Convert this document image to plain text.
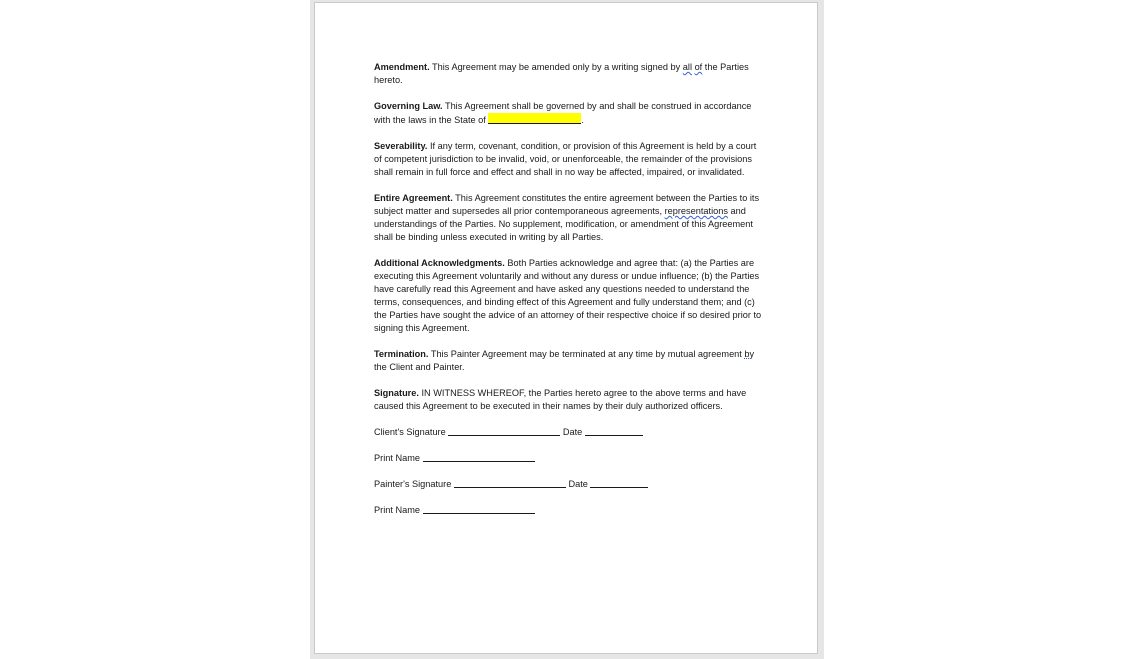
Amendment. This Agreement may be amended only by a writing signed by all of the Parties hereto.

Governing Law. This Agreement shall be governed by and shall be construed in accordance with the laws in the State of	.

Severability. If any term, covenant, condition, or provision of this Agreement is held by a court of competent jurisdiction to be invalid, void, or unenforceable, the remainder of the provisions shall remain in full force and effect and shall in no way be affected, impaired, or invalidated.

Entire Agreement. This Agreement constitutes the entire agreement between the Parties to its subject matter and supersedes all prior contemporaneous agreements, representations and understandings of the Parties. No supplement, modification, or amendment of this Agreement shall be binding unless executed in writing by all Parties.

Additional Acknowledgments. Both Parties acknowledge and agree that: (a) the Parties are executing this Agreement voluntarily and without any duress or undue influence; (b) the Parties have carefully read this Agreement and have asked any questions needed to understand the terms, consequences, and binding effect of this Agreement and fully understand them; and (c) the Parties have sought the advice of an attorney of their respective choice if so desired prior to signing this Agreement.

Termination. This Painter Agreement may be terminated at any time by mutual agreement by the Client and Painter.

Signature. IN WITNESS WHEREOF, the Parties hereto agree to the above terms and have caused this Agreement to be executed in their names by their duly authorized officers.

Client's Signature	Date

Print Name

Painter's Signature	Date

Print Name
